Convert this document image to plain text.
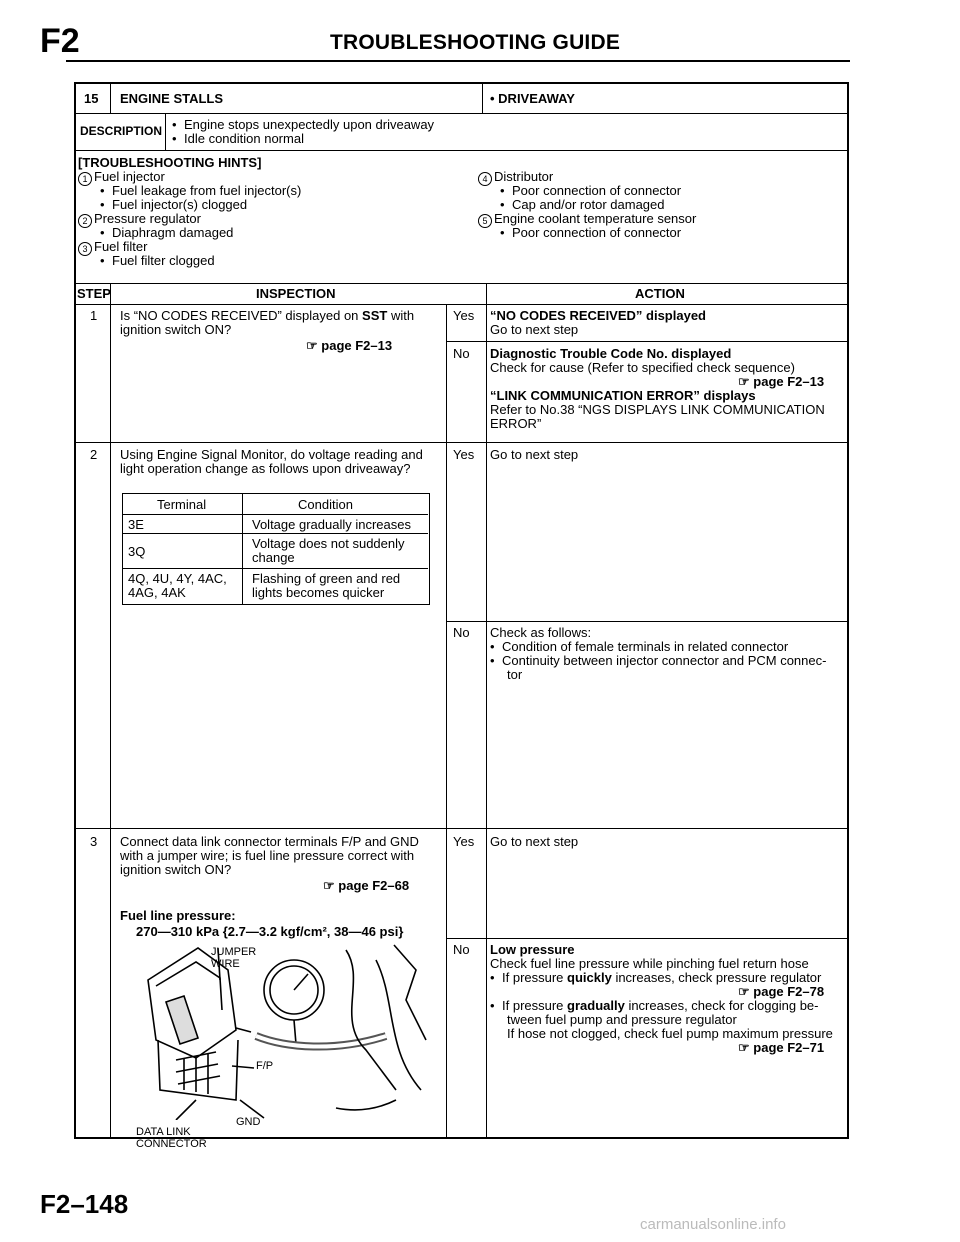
F2	TROUBLESHOOTING GUIDE
15 ENGINE STALLS	• DRIVEAWAY
DESCRIPTION
•	Engine stops unexpectedly upon driveaway
• Idle condition normal
[TROUBLESHOOTING HINTS]
1 Fuel injector
• Fuel leakage from fuel injector(s)
• Fuel injector(s) clogged
2 Pressure regulator
• Diaphragm damaged
3 Fuel filter
• Fuel filter clogged
4 Distributor
• Poor connection of connector
• Cap and/or rotor damaged
5 Engine coolant temperature sensor
• Poor connection of connector
STEP	INSPECTION	ACTION
1 Is “NO CODES RECEIVED” displayed on SST with
ignition switch ON?
☞ page F2–13
Yes “NO CODES RECEIVED” displayed
Go to next step
No Diagnostic Trouble Code No. displayed
Check for cause (Refer to specified check sequence)
☞ page F2–13
“LINK COMMUNICATION ERROR” displays
Refer to No.38 “NGS DISPLAYS LINK COMMUNICATION
ERROR”
2 Using Engine Signal Monitor, do voltage reading and
light operation change as follows upon driveaway?
Terminal	Condition
3E	Voltage gradually increases
3Q
Voltage does not suddenly
change
4Q, 4U, 4Y, 4AC,
4AG, 4AK
Flashing of green and red
lights becomes quicker
Yes Go to next step
No Check as follows:
• Condition of female terminals in related connector
• Continuity between injector connector and PCM connec-
tor
3 Connect data link connector terminals F/P and GND
with a jumper wire; is fuel line pressure correct with
ignition switch ON?
☞ page F2–68
Fuel line pressure:
270—310 kPa {2.7—3.2 kgf/cm², 38—46 psi}
JUMPER
WIRE
F/P
GND
DATA LINK
CONNECTOR
Yes Go to next step
No Low pressure
Check fuel line pressure while pinching fuel return hose
• If pressure quickly increases, check pressure regulator
☞ page F2–78
• If pressure gradually increases, check for clogging be-
tween fuel pump and pressure regulator
If hose not clogged, check fuel pump maximum pressure
☞ page F2–71
F2–148
carmanualsonline.info
